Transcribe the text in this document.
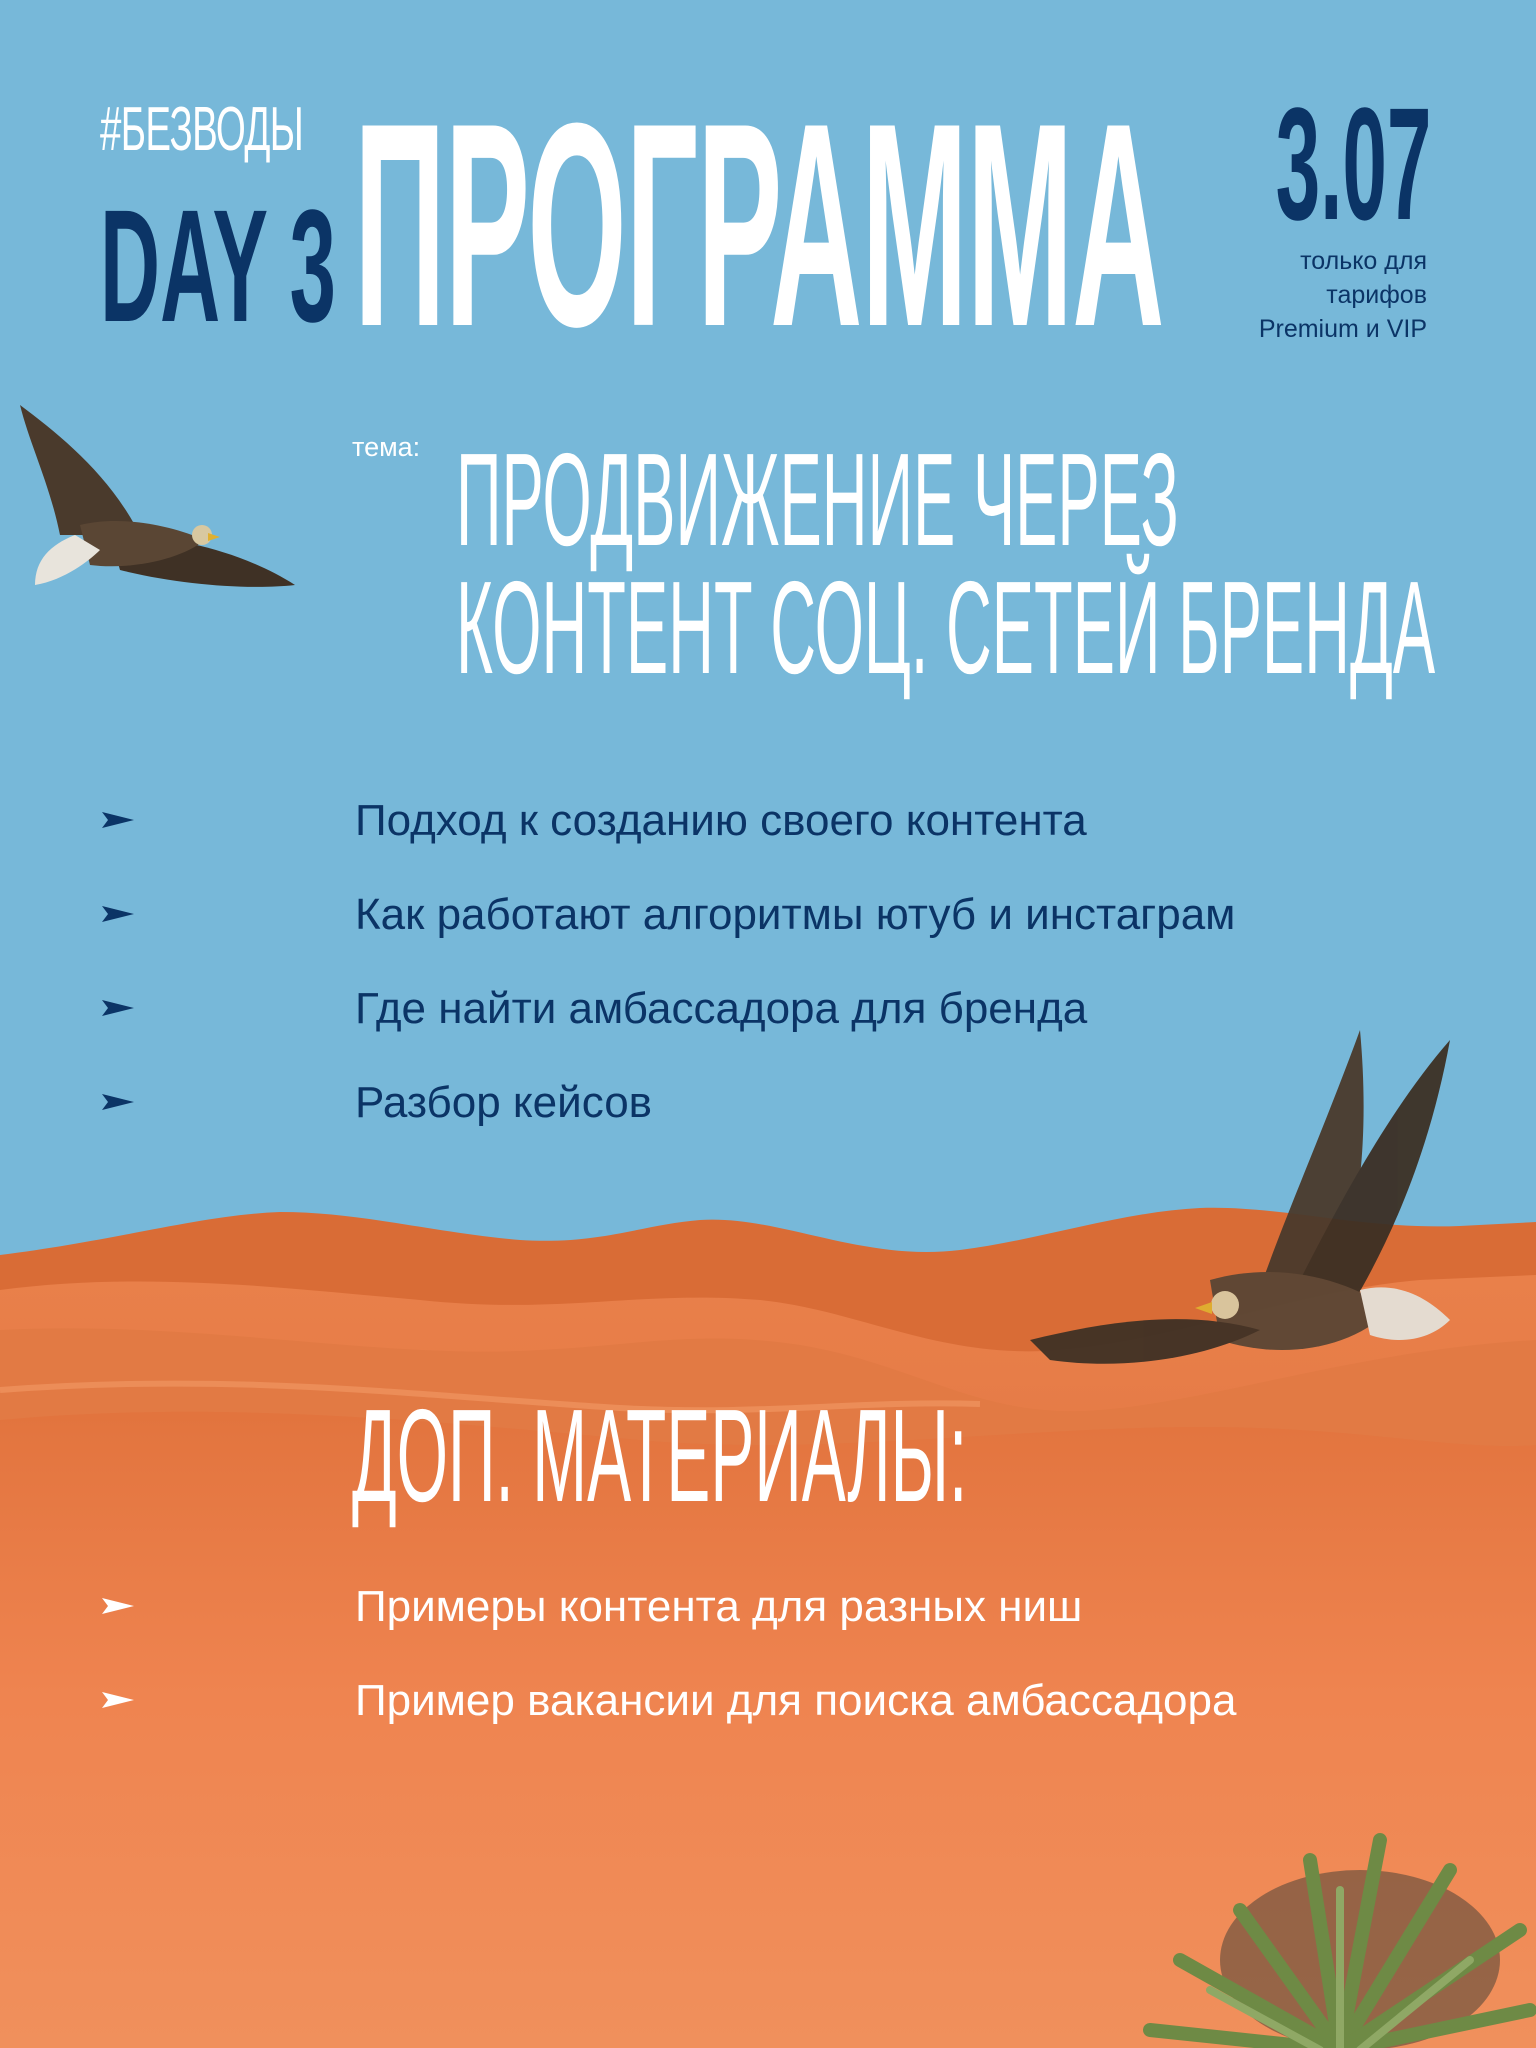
#БЕЗВОДЫ
DAY 3 ПРОГРАММА 3.07
только для
тарифов
Premium и VIP
тема: ПРОДВИЖЕНИЕ ЧЕРЕЗ
КОНТЕНТ СОЦ. СЕТЕЙ БРЕНДА
Подход к созданию своего контента
Как работают алгоритмы ютуб и инстаграм
Где найти амбассадора для бренда
Разбор кейсов
ДОП. МАТЕРИАЛЫ:
Примеры контента для разных ниш
Пример вакансии для поиска амбассадора
